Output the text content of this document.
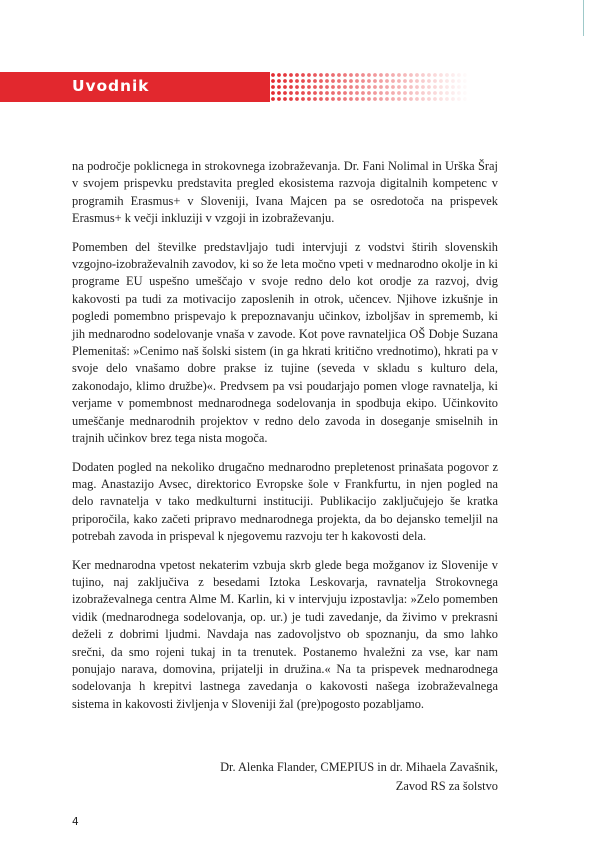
Uvodnik

na področje poklicnega in strokovnega izobraževanja. Dr. Fani Nolimal in Urška Šraj v svojem prispevku predstavita pregled ekosistema razvoja digitalnih kompetenc v programih Erasmus+ v Sloveniji, Ivana Majcen pa se osredotoča na prispevek Erasmus+ k večji inkluziji v vzgoji in izobraževanju.

Pomemben del številke predstavljajo tudi intervjuji z vodstvi štirih slovenskih vzgojno-izobraževalnih zavodov, ki so že leta močno vpeti v mednarodno okolje in ki programe EU uspešno umeščajo v svoje redno delo kot orodje za razvoj, dvig kakovosti pa tudi za motivacijo zaposlenih in otrok, učencev. Njihove izkušnje in pogledi pomembno prispevajo k prepoznavanju učinkov, izboljšav in sprememb, ki jih mednarodno sodelovanje vnaša v zavode. Kot pove ravnateljica OŠ Dobje Suzana Plemenitaš: »Cenimo naš šolski sistem (in ga hkrati kritično vrednotimo), hkrati pa v svoje delo vnašamo dobre prakse iz tujine (seveda v skladu s kulturo dela, zakonodajo, klimo družbe)«. Predvsem pa vsi poudarjajo pomen vloge ravnatelja, ki verjame v pomembnost mednarodnega sodelovanja in spodbuja ekipo. Učinkovito umeščanje mednarodnih projektov v redno delo zavoda in doseganje smiselnih in trajnih učinkov brez tega nista mogoča.

Dodaten pogled na nekoliko drugačno mednarodno prepletenost prinašata pogovor z mag. Anastazijo Avsec, direktorico Evropske šole v Frankfurtu, in njen pogled na delo ravnatelja v tako medkulturni instituciji. Publikacijo zaključujejo še kratka priporočila, kako začeti pripravo mednarodnega projekta, da bo dejansko temeljil na potrebah zavoda in prispeval k njegovemu razvoju ter h kakovosti dela.

Ker mednarodna vpetost nekaterim vzbuja skrb glede bega možganov iz Slovenije v tujino, naj zaključiva z besedami Iztoka Leskovarja, ravnatelja Strokovnega izobraževalnega centra Alme M. Karlin, ki v intervjuju izpostavlja: »Zelo pomemben vidik (mednarodnega sodelovanja, op. ur.) je tudi zavedanje, da živimo v prekrasni deželi z dobrimi ljudmi. Navdaja nas zadovoljstvo ob spoznanju, da smo lahko srečni, da smo rojeni tukaj in ta trenutek. Postanemo hvaležni za vse, kar nam ponujajo narava, domovina, prijatelji in družina.« Na ta prispevek mednarodnega sodelovanja h krepitvi lastnega zavedanja o kakovosti našega izobraževalnega sistema in kakovosti življenja v Sloveniji žal (pre)pogosto pozabljamo.

Dr. Alenka Flander, CMEPIUS in dr. Mihaela Zavašnik,
Zavod RS za šolstvo
4
